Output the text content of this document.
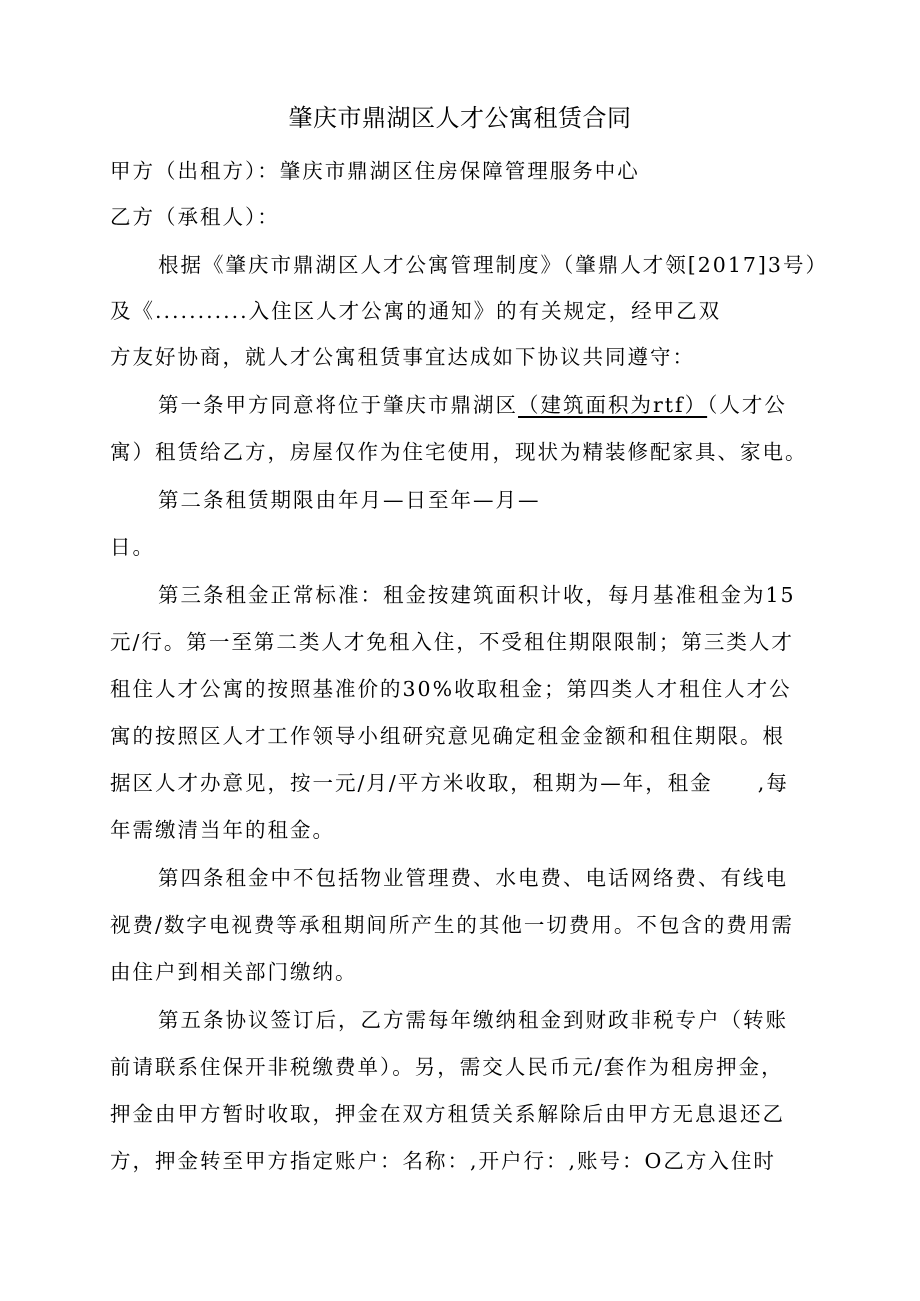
肇庆市鼎湖区人才公寓租赁合同
甲方（出租方）：肇庆市鼎湖区住房保障管理服务中心
乙方（承租人）：
根据《肇庆市鼎湖区人才公寓管理制度》（肇鼎人才领[2017]3号）
及《...........入住区人才公寓的通知》的有关规定，经甲乙双
方友好协商，就人才公寓租赁事宜达成如下协议共同遵守：
第一条甲方同意将位于肇庆市鼎湖区（建筑面积为rtf）（人才公
寓）租赁给乙方，房屋仅作为住宅使用，现状为精装修配家具、家电。
第二条租赁期限由年月—日至年—月—
日。
第三条租金正常标准：租金按建筑面积计收，每月基准租金为15
元/行。第一至第二类人才免租入住，不受租住期限限制；第三类人才
租住人才公寓的按照基准价的30%收取租金；第四类人才租住人才公
寓的按照区人才工作领导小组研究意见确定租金金额和租住期限。根
据区人才办意见，按一元/月/平方米收取，租期为—年，租金　　,每
年需缴清当年的租金。
第四条租金中不包括物业管理费、水电费、电话网络费、有线电
视费/数字电视费等承租期间所产生的其他一切费用。不包含的费用需
由住户到相关部门缴纳。
第五条协议签订后，乙方需每年缴纳租金到财政非税专户（转账
前请联系住保开非税缴费单）。另，需交人民币元/套作为租房押金，
押金由甲方暂时收取，押金在双方租赁关系解除后由甲方无息退还乙
方，押金转至甲方指定账户：名称：,开户行：,账号：O乙方入住时
